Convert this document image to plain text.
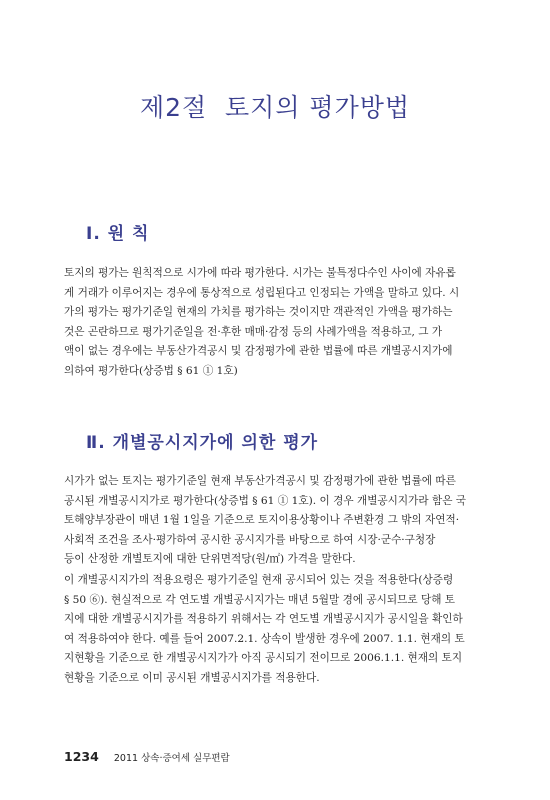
제2절  토지의 평가방법
Ⅰ. 원 칙
토지의 평가는 원칙적으로 시가에 따라 평가한다. 시가는 불특정다수인 사이에 자유롭
게 거래가 이루어지는 경우에 통상적으로 성립된다고 인정되는 가액을 말하고 있다. 시
가의 평가는 평가기준일 현재의 가치를 평가하는 것이지만 객관적인 가액을 평가하는
것은 곤란하므로 평가기준일을 전·후한 매매·감정 등의 사례가액을 적용하고, 그 가
액이 없는 경우에는 부동산가격공시 및 감정평가에 관한 법률에 따른 개별공시지가에
의하여 평가한다(상증법 § 61 ① 1호)
Ⅱ. 개별공시지가에 의한 평가
시가가 없는 토지는 평가기준일 현재 부동산가격공시 및 감정평가에 관한 법률에 따른
공시된 개별공시지가로 평가한다(상증법 § 61 ① 1호). 이 경우 개별공시지가라 함은 국
토해양부장관이 매년 1월 1일을 기준으로 토지이용상황이나 주변환경 그 밖의 자연적·
사회적 조건을 조사·평가하여 공시한 공시지가를 바탕으로 하여 시장·군수·구청장
등이 산정한 개별토지에 대한 단위면적당(원/㎡) 가격을 말한다.
이 개별공시지가의 적용요령은 평가기준일 현재 공시되어 있는 것을 적용한다(상증령
§ 50 ⑥). 현실적으로 각 연도별 개별공시지가는 매년 5월말 경에 공시되므로 당해 토
지에 대한 개별공시지가를 적용하기 위해서는 각 연도별 개별공시지가 공시일을 확인하
여 적용하여야 한다. 예를 들어 2007.2.1. 상속이 발생한 경우에 2007. 1.1. 현재의 토
지현황을 기준으로 한 개별공시지가가 아직 공시되기 전이므로 2006.1.1. 현재의 토지
현황을 기준으로 이미 공시된 개별공시지가를 적용한다.
1234 2011 상속·증여세 실무편람
